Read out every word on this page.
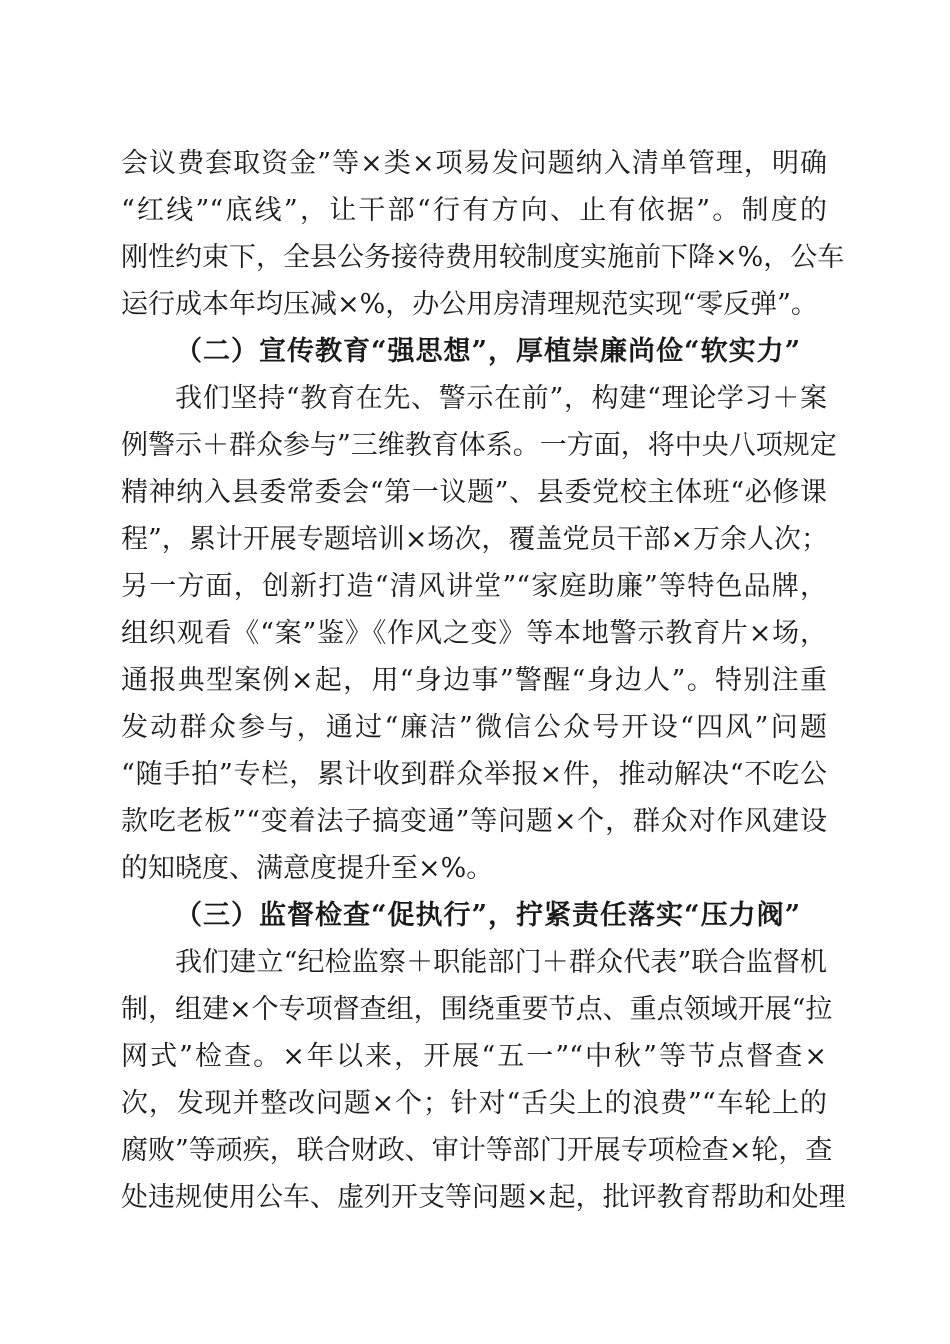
会议费套取资金”等×类×项易发问题纳入清单管理，明确
“红线”“底线”，让干部“行有方向、止有依据”。制度的
刚性约束下，全县公务接待费用较制度实施前下降×%，公车
运行成本年均压减×%，办公用房清理规范实现“零反弹”。
（二）宣传教育“强思想”，厚植崇廉尚俭“软实力”
我们坚持“教育在先、警示在前”，构建“理论学习＋案
例警示＋群众参与”三维教育体系。一方面，将中央八项规定
精神纳入县委常委会“第一议题”、县委党校主体班“必修课
程”，累计开展专题培训×场次，覆盖党员干部×万余人次；
另一方面，创新打造“清风讲堂”“家庭助廉”等特色品牌，
组织观看《“案”鉴》《作风之变》等本地警示教育片×场，
通报典型案例×起，用“身边事”警醒“身边人”。特别注重
发动群众参与，通过“廉洁”微信公众号开设“四风”问题
“随手拍”专栏，累计收到群众举报×件，推动解决“不吃公
款吃老板”“变着法子搞变通”等问题×个，群众对作风建设
的知晓度、满意度提升至×%。
（三）监督检查“促执行”，拧紧责任落实“压力阀”
我们建立“纪检监察＋职能部门＋群众代表”联合监督机
制，组建×个专项督查组，围绕重要节点、重点领域开展“拉
网式”检查。×年以来，开展“五一”“中秋”等节点督查×
次，发现并整改问题×个；针对“舌尖上的浪费”“车轮上的
腐败”等顽疾，联合财政、审计等部门开展专项检查×轮，查
处违规使用公车、虚列开支等问题×起，批评教育帮助和处理
